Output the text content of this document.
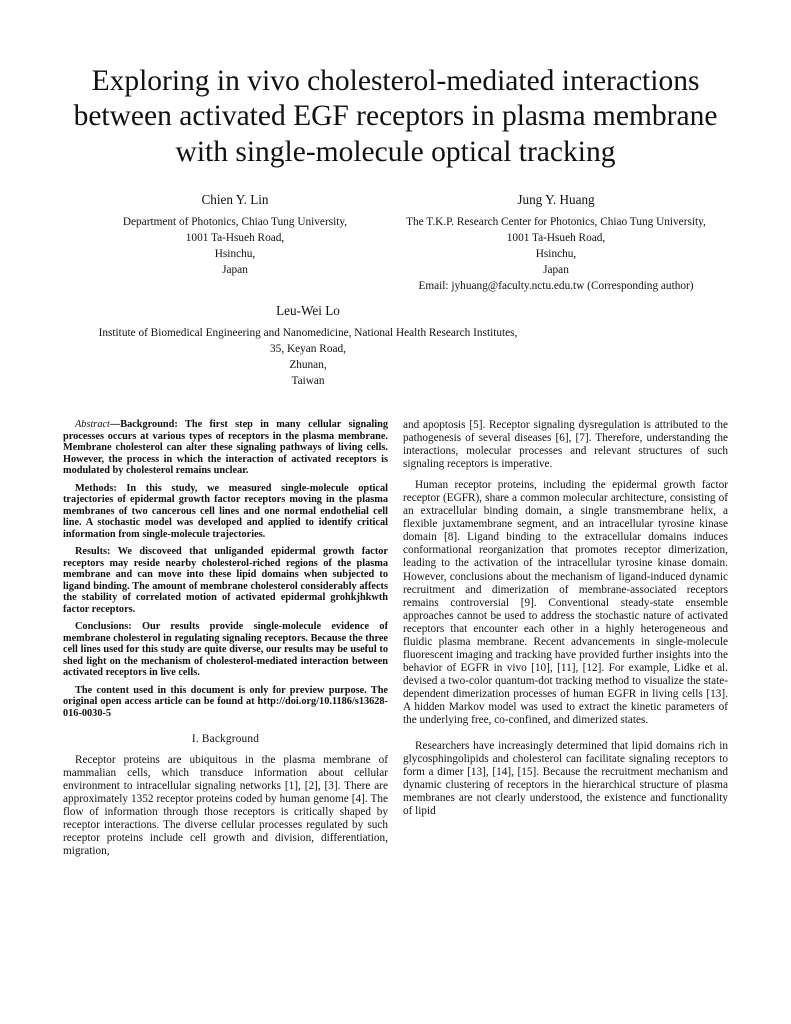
Exploring in vivo cholesterol-mediated interactions between activated EGF receptors in plasma membrane with single-molecule optical tracking
Chien Y. Lin
Department of Photonics, Chiao Tung University,
1001 Ta-Hsueh Road,
Hsinchu,
Japan
Jung Y. Huang
The T.K.P. Research Center for Photonics, Chiao Tung University,
1001 Ta-Hsueh Road,
Hsinchu,
Japan
Email: jyhuang@faculty.nctu.edu.tw (Corresponding author)
Leu-Wei Lo
Institute of Biomedical Engineering and Nanomedicine, National Health Research Institutes,
35, Keyan Road,
Zhunan,
Taiwan

Abstract—Background: The first step in many cellular signaling processes occurs at various types of receptors in the plasma membrane. Membrane cholesterol can alter these signaling pathways of living cells. However, the process in which the interaction of activated receptors is modulated by cholesterol remains unclear.

Methods: In this study, we measured single-molecule optical trajectories of epidermal growth factor receptors moving in the plasma membranes of two cancerous cell lines and one normal endothelial cell line. A stochastic model was developed and applied to identify critical information from single-molecule trajectories.

Results: We discoveed that unliganded epidermal growth factor receptors may reside nearby cholesterol-riched regions of the plasma membrane and can move into these lipid domains when subjected to ligand binding. The amount of membrane cholesterol considerably affects the stability of correlated motion of activated epidermal grohkjhkwth factor receptors.

Conclusions: Our results provide single-molecule evidence of membrane cholesterol in regulating signaling receptors. Because the three cell lines used for this study are quite diverse, our results may be useful to shed light on the mechanism of cholesterol-mediated interaction between activated receptors in live cells.

The content used in this document is only for preview purpose. The original open access article can be found at http://doi.org/10.1186/s13628-016-0030-5

I. Background

Receptor proteins are ubiquitous in the plasma membrane of mammalian cells, which transduce information about cellular environment to intracellular signaling networks [1], [2], [3]. There are approximately 1352 receptor proteins coded by human genome [4]. The flow of information through those receptors is critically shaped by receptor interactions. The diverse cellular processes regulated by such receptor proteins include cell growth and division, differentiation, migration,

and apoptosis [5]. Receptor signaling dysregulation is attributed to the pathogenesis of several diseases [6], [7]. Therefore, understanding the interactions, molecular processes and relevant structures of such signaling receptors is imperative.

Human receptor proteins, including the epidermal growth factor receptor (EGFR), share a common molecular architecture, consisting of an extracellular binding domain, a single transmembrane helix, a flexible juxtamembrane segment, and an intracellular tyrosine kinase domain [8]. Ligand binding to the extracellular domains induces conformational reorganization that promotes receptor dimerization, leading to the activation of the intracellular tyrosine kinase domain. However, conclusions about the mechanism of ligand-induced dynamic recruitment and dimerization of membrane-associated receptors remains controversial [9]. Conventional steady-state ensemble approaches cannot be used to address the stochastic nature of activated receptors that encounter each other in a highly heterogeneous and fluidic plasma membrane. Recent advancements in single-molecule fluorescent imaging and tracking have provided further insights into the behavior of EGFR in vivo [10], [11], [12]. For example, Lidke et al. devised a two-color quantum-dot tracking method to visualize the state-dependent dimerization processes of human EGFR in living cells [13]. A hidden Markov model was used to extract the kinetic parameters of the underlying free, co-confined, and dimerized states.

Researchers have increasingly determined that lipid domains rich in glycosphingolipids and cholesterol can facilitate signaling receptors to form a dimer [13], [14], [15]. Because the recruitment mechanism and dynamic clustering of receptors in the hierarchical structure of plasma membranes are not clearly understood, the existence and functionality of lipid
